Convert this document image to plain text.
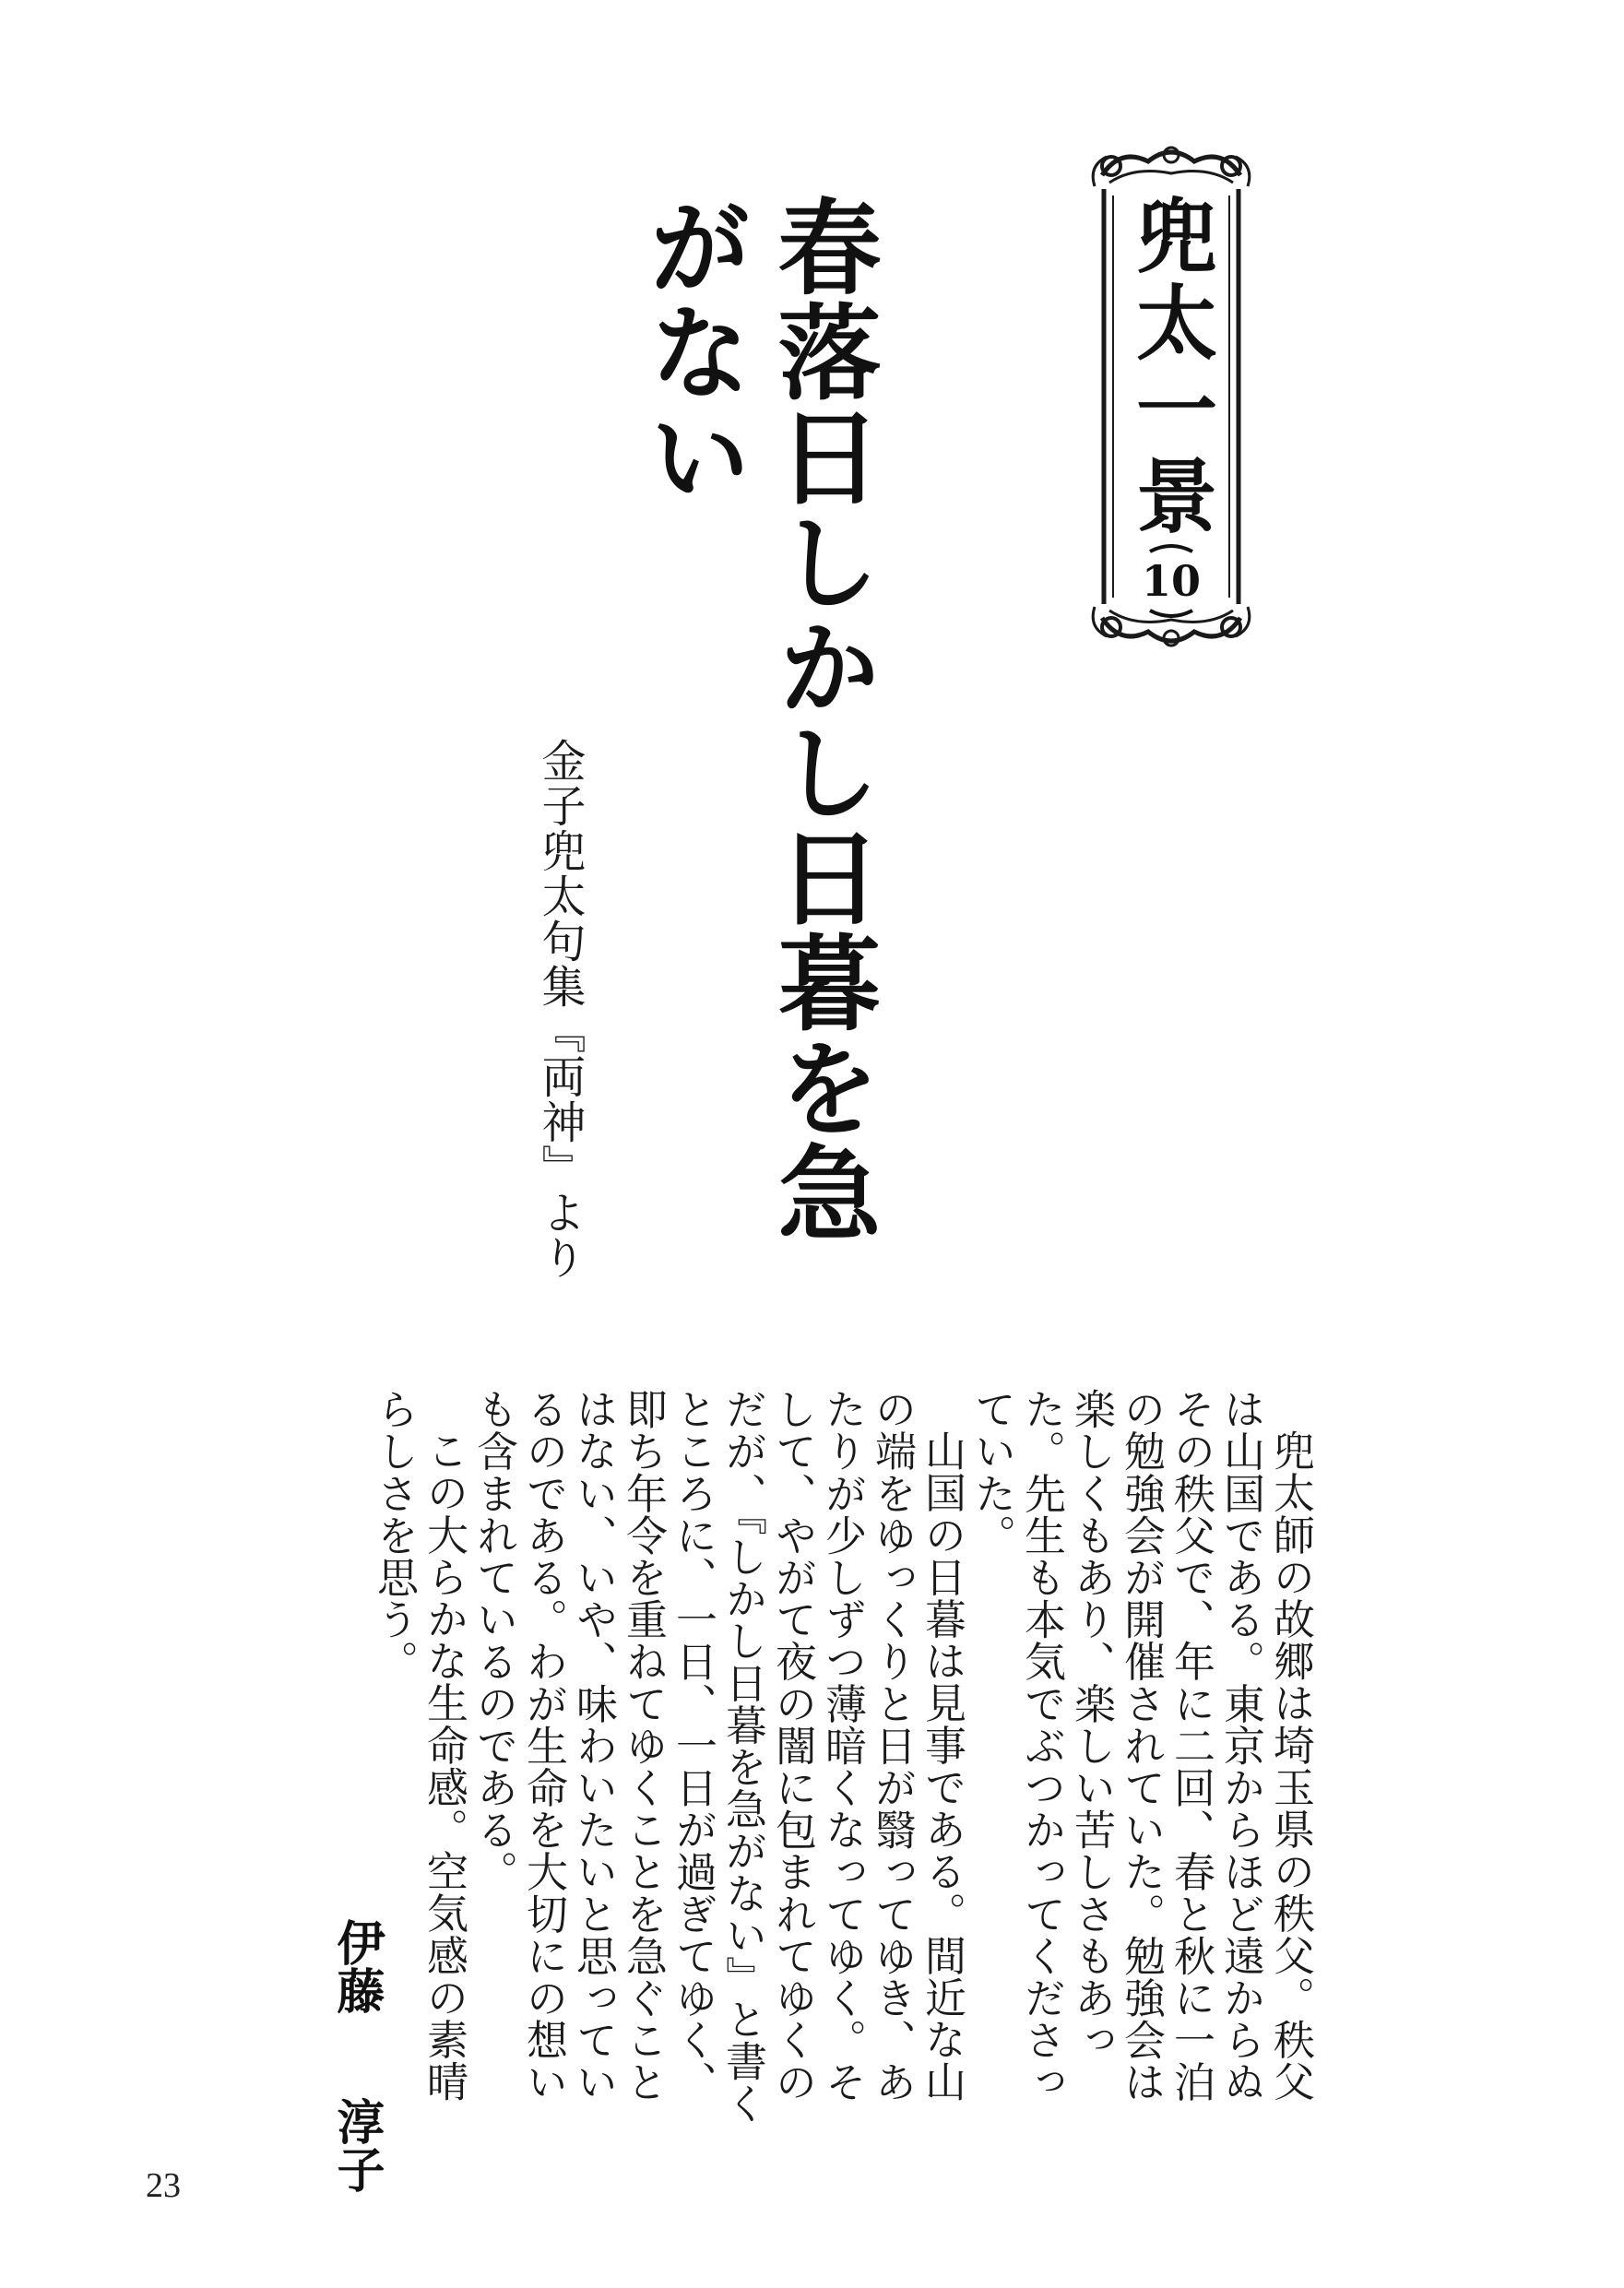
兜太一景
10
春落日しかし日暮を急がない
金子兜太句集『両神』より

兜太師の故郷は埼玉県の秩父。秩父は山国である。東京からほど遠からぬその秩父で、年に二回、春と秋に一泊の勉強会が開催されていた。勉強会は楽しくもあり、楽しい苦しさもあった。先生も本気でぶつかってくださっていた。

山国の日暮は見事である。間近な山の端をゆっくりと日が翳ってゆき、あたりが少しずつ薄暗くなってゆく。そして、やがて夜の闇に包まれてゆくのだが、『しかし日暮を急がない』と書くところに、一日、一日が過ぎてゆく、即ち年令を重ねてゆくことを急ぐことはない、いや、味わいたいと思っているのである。わが生命を大切にの想いも含まれているのである。

この大らかな生命感。空気感の素晴らしさを思う。

伊藤淳子
23
